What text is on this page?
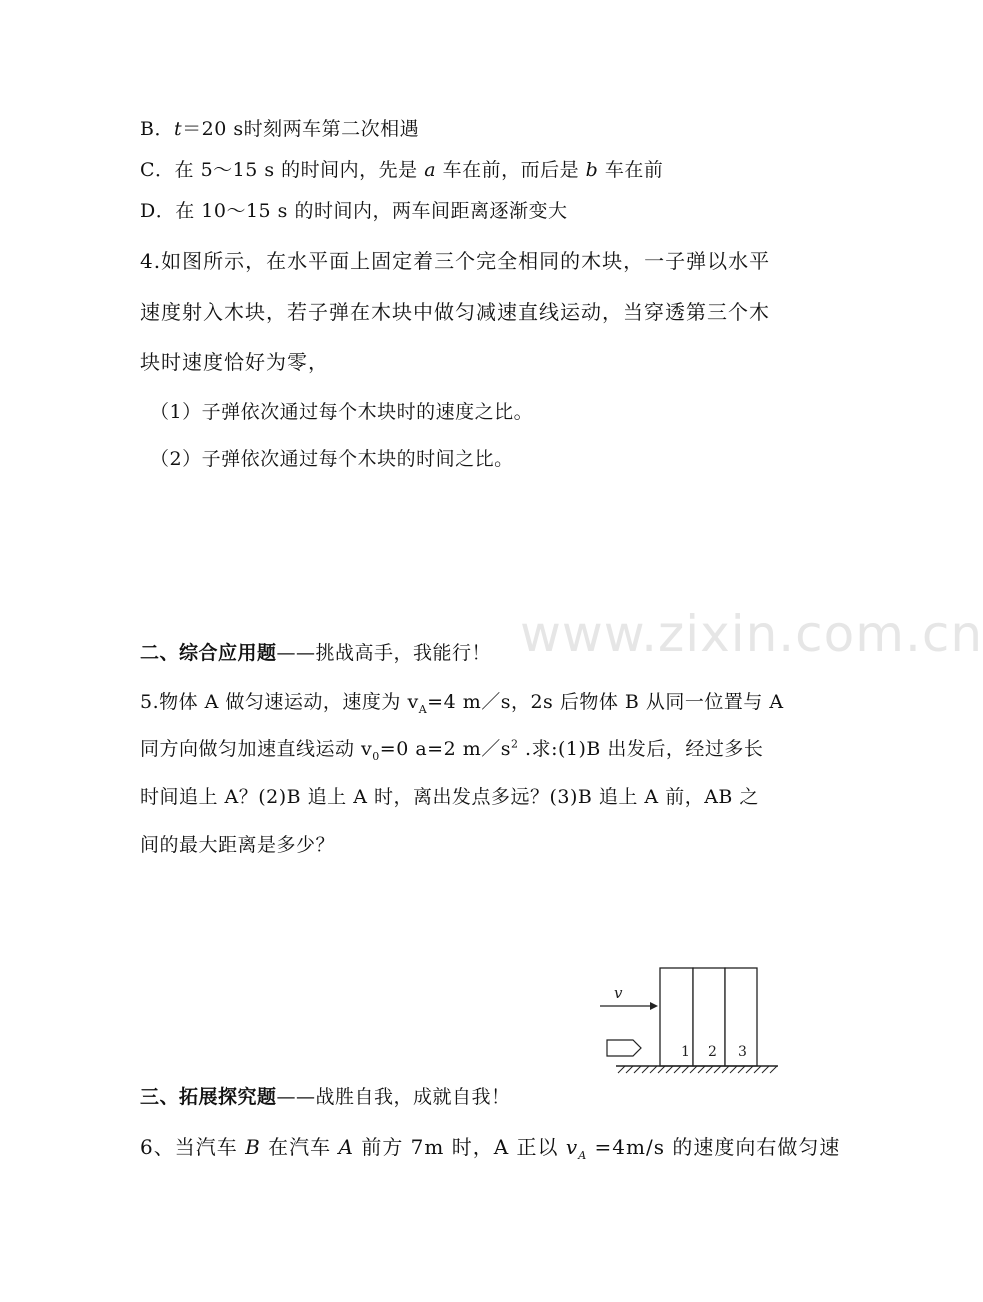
www.zixin.com.cn
B．t＝20 s时刻两车第二次相遇
C．在 5～15 s 的时间内，先是 a 车在前，而后是 b 车在前
D．在 10～15 s 的时间内，两车间距离逐渐变大
4.如图所示，在水平面上固定着三个完全相同的木块，一子弹以水平
速度射入木块，若子弹在木块中做匀减速直线运动，当穿透第三个木
块时速度恰好为零，
（1）子弹依次通过每个木块时的速度之比。
（2）子弹依次通过每个木块的时间之比。
二、综合应用题——挑战高手，我能行！
5.物体 A 做匀速运动，速度为 $v_A=4$ m／s，2s 后物体 B 从同一位置与 A
同方向做匀加速直线运动 $v_0=0$ a=2 $m/s^2$ .求:(1)B 出发后，经过多长
时间追上 A？(2)B 追上 A 时，离出发点多远？(3)B 追上 A 前，AB 之
间的最大距离是多少？
v
1 2 3
三、拓展探究题——战胜自我，成就自我！
6、当汽车 B 在汽车 A 前方 7m 时，A 正以 $v_A =4m/s$ 的速度向右做匀速
